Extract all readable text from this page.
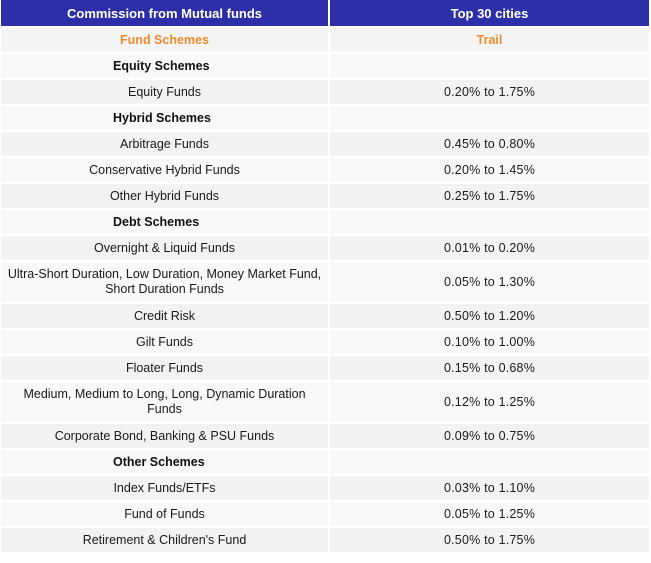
Commission from Mutual funds	Top 30 cities
Fund Schemes	Trail
Equity Schemes	
Equity Funds	0.20% to 1.75%
Hybrid Schemes	
Arbitrage Funds	0.45% to 0.80%
Conservative Hybrid Funds	0.20% to 1.45%
Other Hybrid Funds	0.25% to 1.75%
Debt Schemes	
Overnight & Liquid Funds	0.01% to 0.20%
Ultra-Short Duration, Low Duration, Money Market Fund, Short Duration Funds	0.05% to 1.30%
Credit Risk	0.50% to 1.20%
Gilt Funds	0.10% to 1.00%
Floater Funds	0.15% to 0.68%
Medium, Medium to Long, Long, Dynamic Duration Funds	0.12% to 1.25%
Corporate Bond, Banking & PSU Funds	0.09% to 0.75%
Other Schemes	
Index Funds/ETFs	0.03% to 1.10%
Fund of Funds	0.05% to 1.25%
Retirement & Children's Fund	0.50% to 1.75%
